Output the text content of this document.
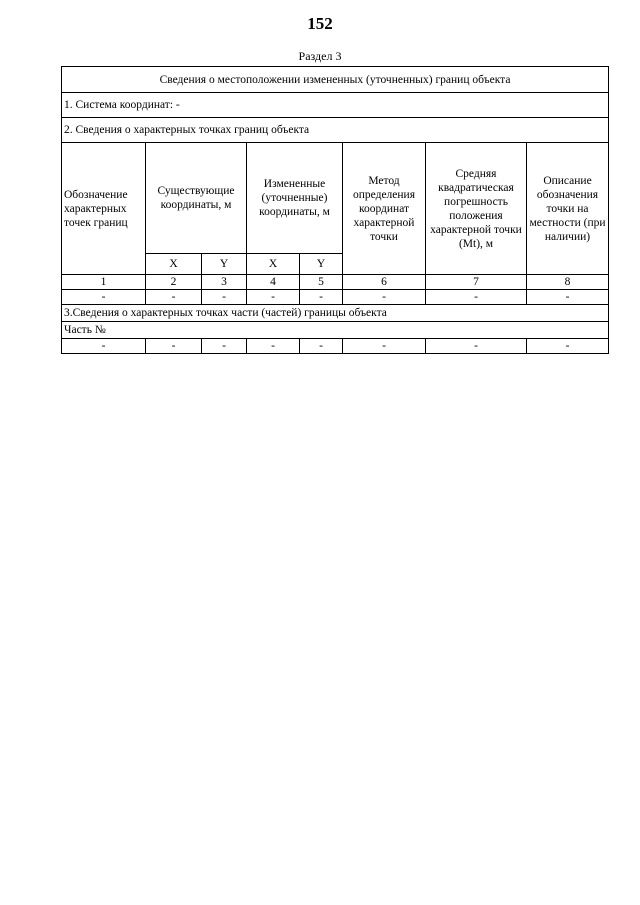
152
Раздел 3
Сведения о местоположении измененных (уточненных) границ объекта							
1. Система координат: -							
2. Сведения о характерных точках границ объекта							
Обозначение характерных точек границ	Существующие координаты, м		Измененные (уточненные) координаты, м		Метод определения координат характерной точки	Средняя квадратическая погрешность положения характерной точки (Mt), м	Описание обозначения точки на местности (при наличии)
	X	Y	X	Y			
1	2	3	4	5	6	7	8
-	-	-	-	-	-	-	-
3.Сведения о характерных точках части (частей) границы объекта							
Часть №							
-	-	-	-	-	-	-	-
